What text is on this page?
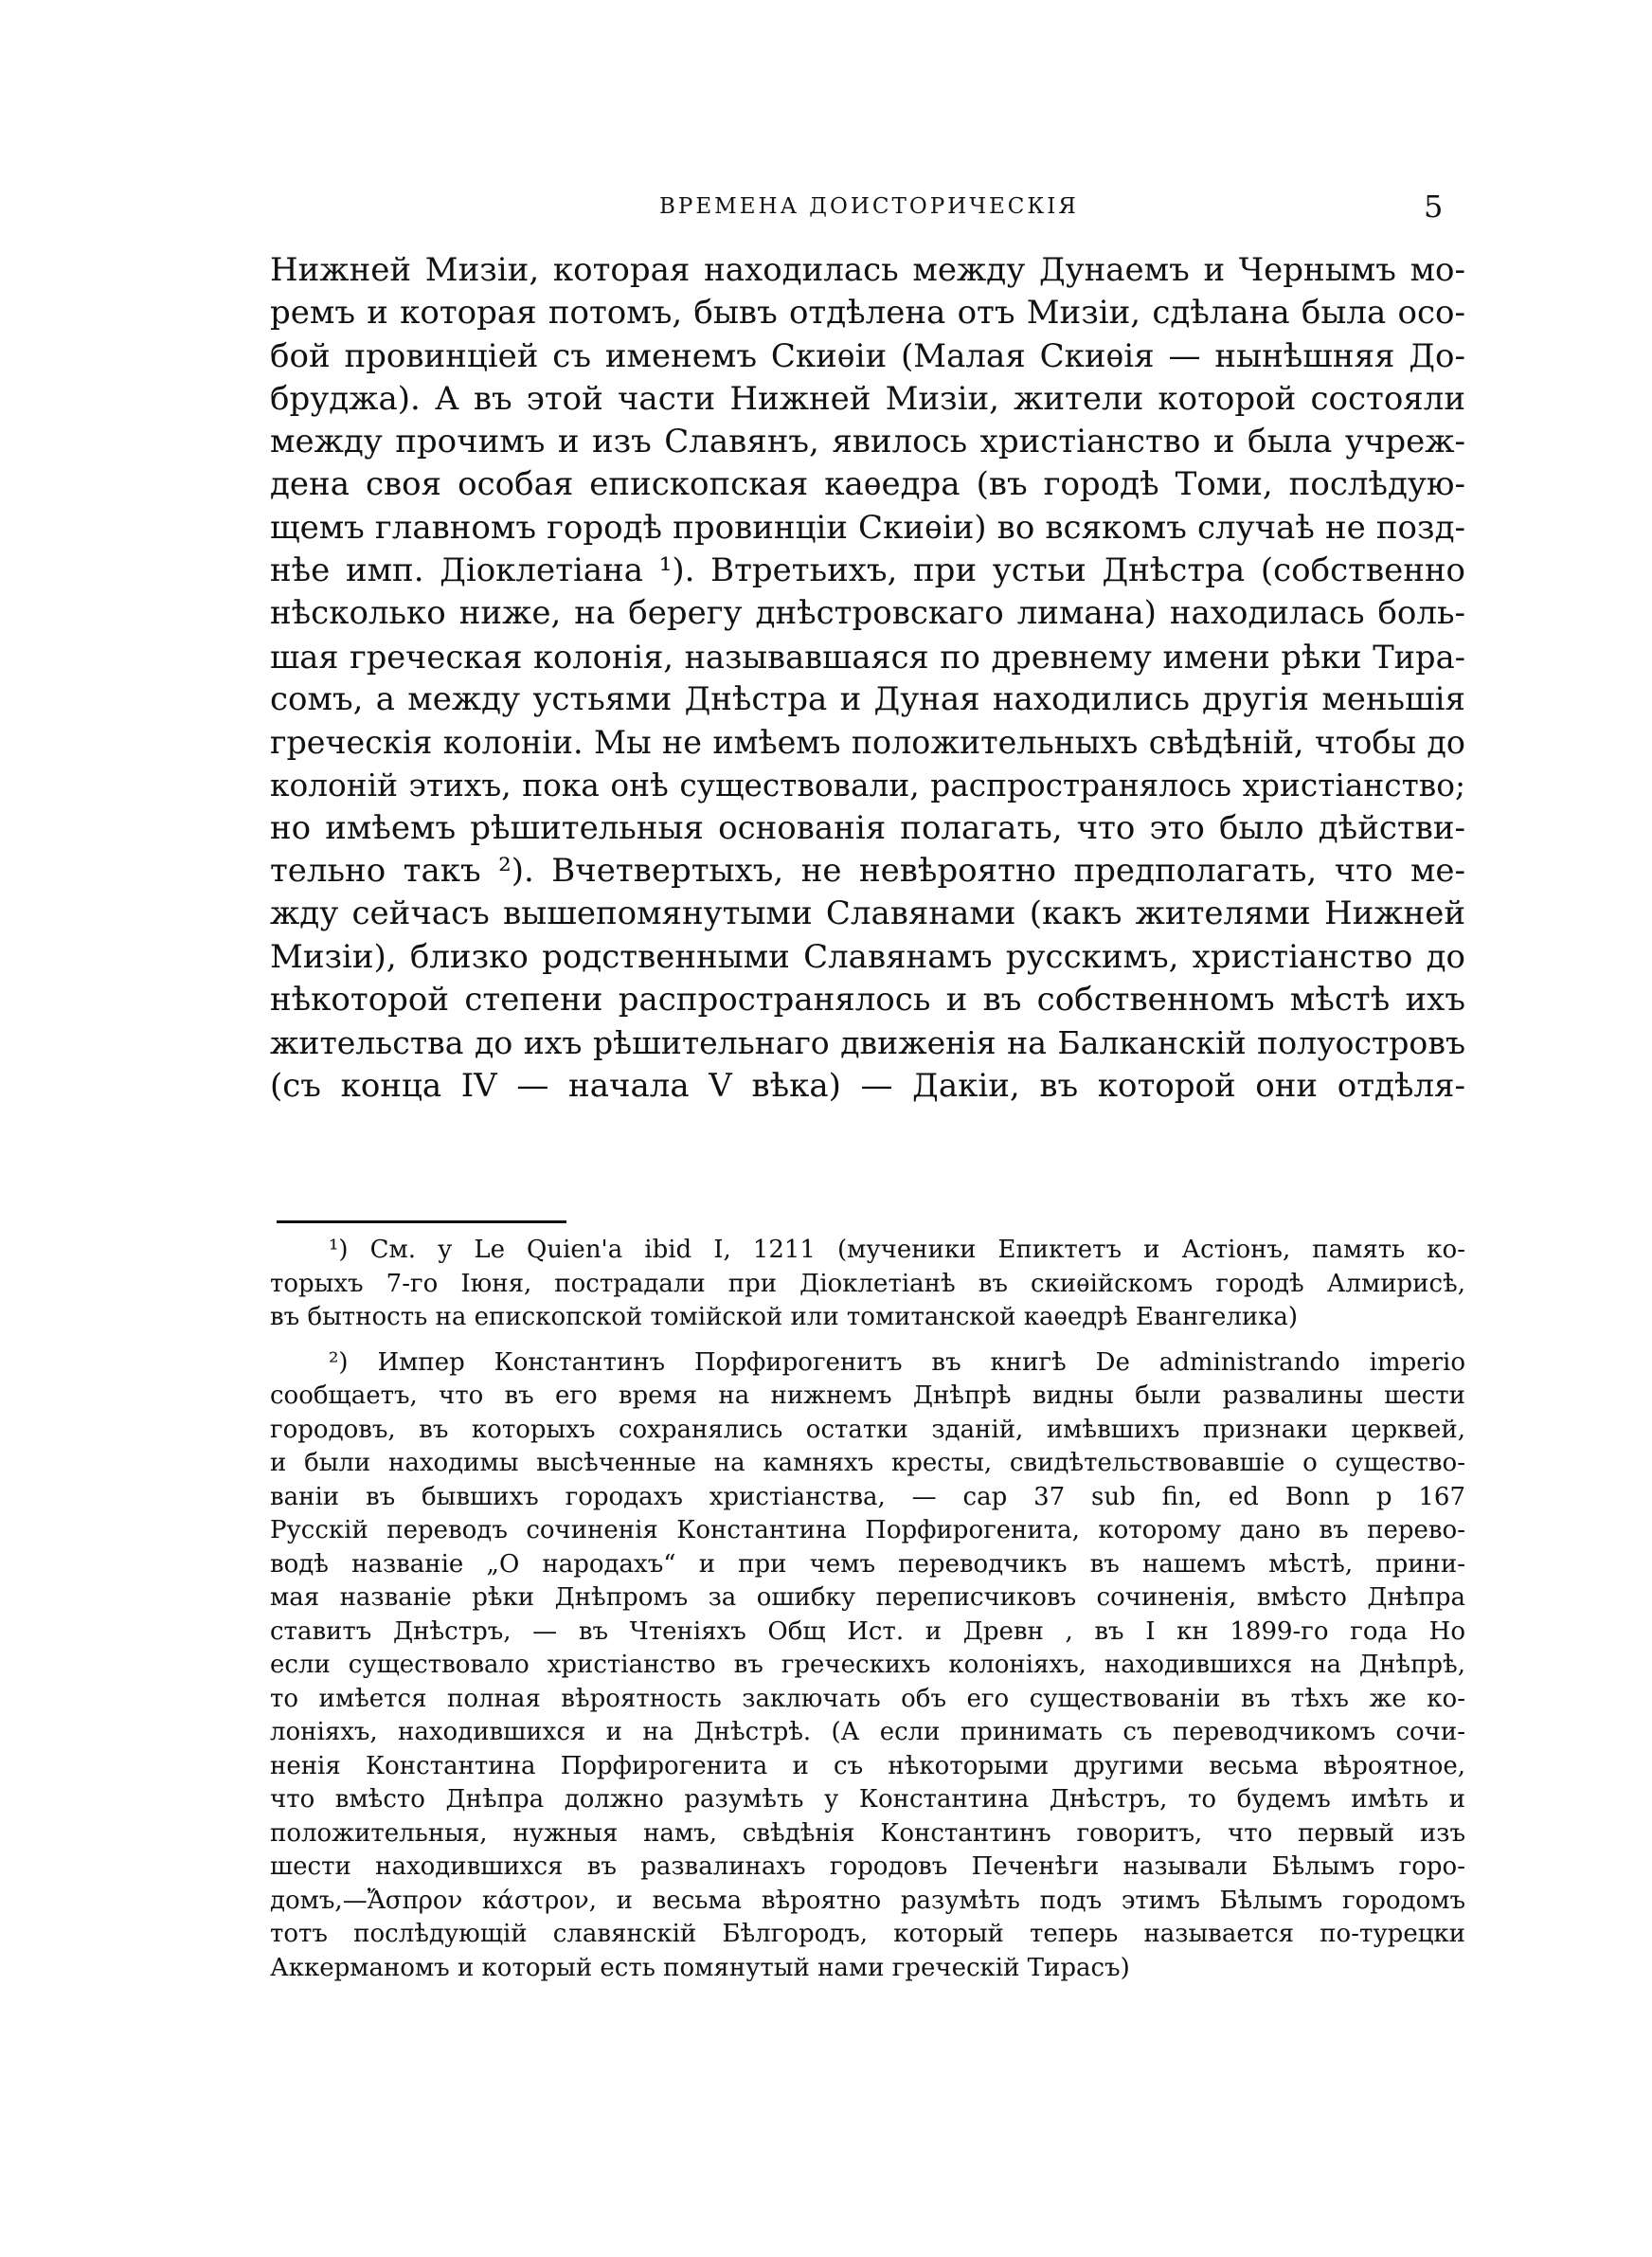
ВРЕМЕНА ДОИСТОРИЧЕСКІЯ	5
Нижней Мизіи, которая находилась между Дунаемъ и Чернымъ мо-
ремъ и которая потомъ, бывъ отдѣлена отъ Мизіи, сдѣлана была осо-
бой провинціей съ именемъ Скиѳіи (Малая Скиѳія — нынѣшняя До-
бруджа). А въ этой части Нижней Мизіи, жители которой состояли
между прочимъ и изъ Славянъ, явилось христіанство и была учреж-
дена своя особая епископская каѳедра (въ городѣ Томи, послѣдую-
щемъ главномъ городѣ провинціи Скиѳіи) во всякомъ случаѣ не позд-
нѣе имп. Діоклетіана ¹). Втретьихъ, при устьи Днѣстра (собственно
нѣсколько ниже, на берегу днѣстровскаго лимана) находилась боль-
шая греческая колонія, называвшаяся по древнему имени рѣки Тира-
сомъ, а между устьями Днѣстра и Дуная находились другія меньшія
греческія колоніи. Мы не имѣемъ положительныхъ свѣдѣній, чтобы до
колоній этихъ, пока онѣ существовали, распространялось христіанство;
но имѣемъ рѣшительныя основанія полагать, что это было дѣйстви-
тельно такъ ²). Вчетвертыхъ, не невѣроятно предполагать, что ме-
жду сейчасъ вышепомянутыми Славянами (какъ жителями Нижней
Мизіи), близко родственными Славянамъ русскимъ, христіанство до
нѣкоторой степени распространялось и въ собственномъ мѣстѣ ихъ
жительства до ихъ рѣшительнаго движенія на Балканскій полуостровъ
(съ конца IV — начала V вѣка) — Дакіи, въ которой они отдѣля-
¹) См. у Le Quien'a ibid I, 1211 (мученики Епиктетъ и Астіонъ, память ко-
торыхъ 7-го Іюня, пострадали при Діоклетіанѣ въ скиѳійскомъ городѣ Алмирисѣ,
въ бытность на епископской томійской или томитанской каѳедрѣ Евангелика)
²) Импер Константинъ Порфирогенитъ въ книгѣ De administrando imperio
сообщаетъ, что въ его время на нижнемъ Днѣпрѣ видны были развалины шести
городовъ, въ которыхъ сохранялись остатки зданій, имѣвшихъ признаки церквей,
и были находимы высѣченные на камняхъ кресты, свидѣтельствовавшіе о существо-
ваніи въ бывшихъ городахъ христіанства, — cap 37 sub fin, ed Bonn p 167
Русскій переводъ сочиненія Константина Порфирогенита, которому дано въ перево-
водѣ названіе „О народахъ“ и при чемъ переводчикъ въ нашемъ мѣстѣ, прини-
мая названіе рѣки Днѣпромъ за ошибку переписчиковъ сочиненія, вмѣсто Днѣпра
ставитъ Днѣстръ, — въ Чтеніяхъ Общ Ист. и Древн , въ I кн 1899-го года Но
если существовало христіанство въ греческихъ колоніяхъ, находившихся на Днѣпрѣ,
то имѣется полная вѣроятность заключать объ его существованіи въ тѣхъ же ко-
лоніяхъ, находившихся и на Днѣстрѣ. (А если принимать съ переводчикомъ сочи-
ненія Константина Порфирогенита и съ нѣкоторыми другими весьма вѣроятное,
что вмѣсто Днѣпра должно разумѣть у Константина Днѣстръ, то будемъ имѣть и
положительныя, нужныя намъ, свѣдѣнія Константинъ говоритъ, что первый изъ
шести находившихся въ развалинахъ городовъ Печенѣги называли Бѣлымъ горо-
домъ,—Ἄσπρον κάστρον, и весьма вѣроятно разумѣть подъ этимъ Бѣлымъ городомъ
тотъ послѣдующій славянскій Бѣлгородъ, который теперь называется по-турецки
Аккерманомъ и который есть помянутый нами греческій Тирасъ)
